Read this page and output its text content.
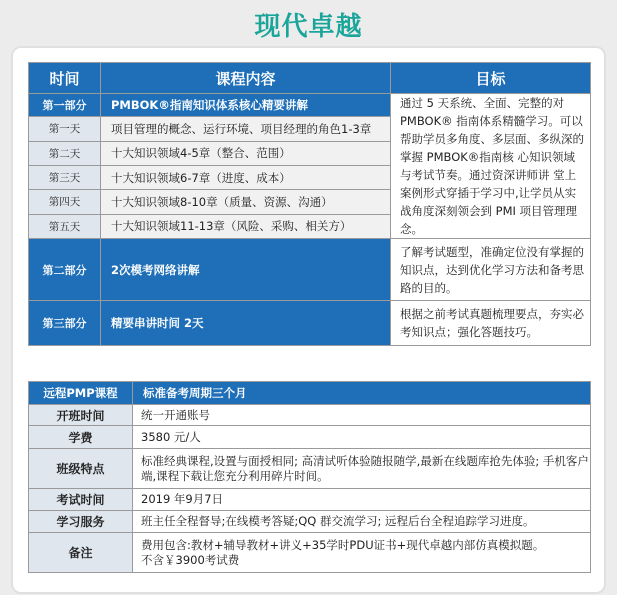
现代卓越
时间	课程内容	目标
第一部分	PMBOK®指南知识体系核心精要讲解	通过 5 天系统、全面、完整的对 PMBOK® 指南体系精髓学习。可以帮助学员多角度、多层面、多纵深的掌握 PMBOK®指南核 心知识领域与考试节奏。通过资深讲师讲 堂上案例形式穿插于学习中,让学员从实 战角度深刻领会到 PMI 项目管理理念。
第一天	项目管理的概念、运行环境、项目经理的角色1-3章	
第二天	十大知识领域4-5章（整合、范围）	
第三天	十大知识领域6-7章（进度、成本）	
第四天	十大知识领域8-10章（质量、资源、沟通）	
第五天	十大知识领域11-13章（风险、采购、相关方）	
第二部分	2次模考网络讲解	了解考试题型，准确定位没有掌握的知识点，达到优化学习方法和备考思路的目的。
第三部分	精要串讲时间 2天	根据之前考试真题梳理要点，夯实必考知识点；强化答题技巧。
远程PMP课程	标准备考周期三个月
开班时间	统一开通账号
学费	3580 元/人
班级特点	标准经典课程,设置与面授相同; 高清试听体验随报随学,最新在线题库抢先体验; 手机客户端,课程下载让您充分利用碎片时间。
考试时间	2019 年9月7日
学习服务	班主任全程督导;在线模考答疑;QQ 群交流学习; 远程后台全程追踪学习进度。
备注	费用包含:教材+辅导教材+讲义+35学时PDU证书+现代卓越内部仿真模拟题。
不含￥3900考试费
